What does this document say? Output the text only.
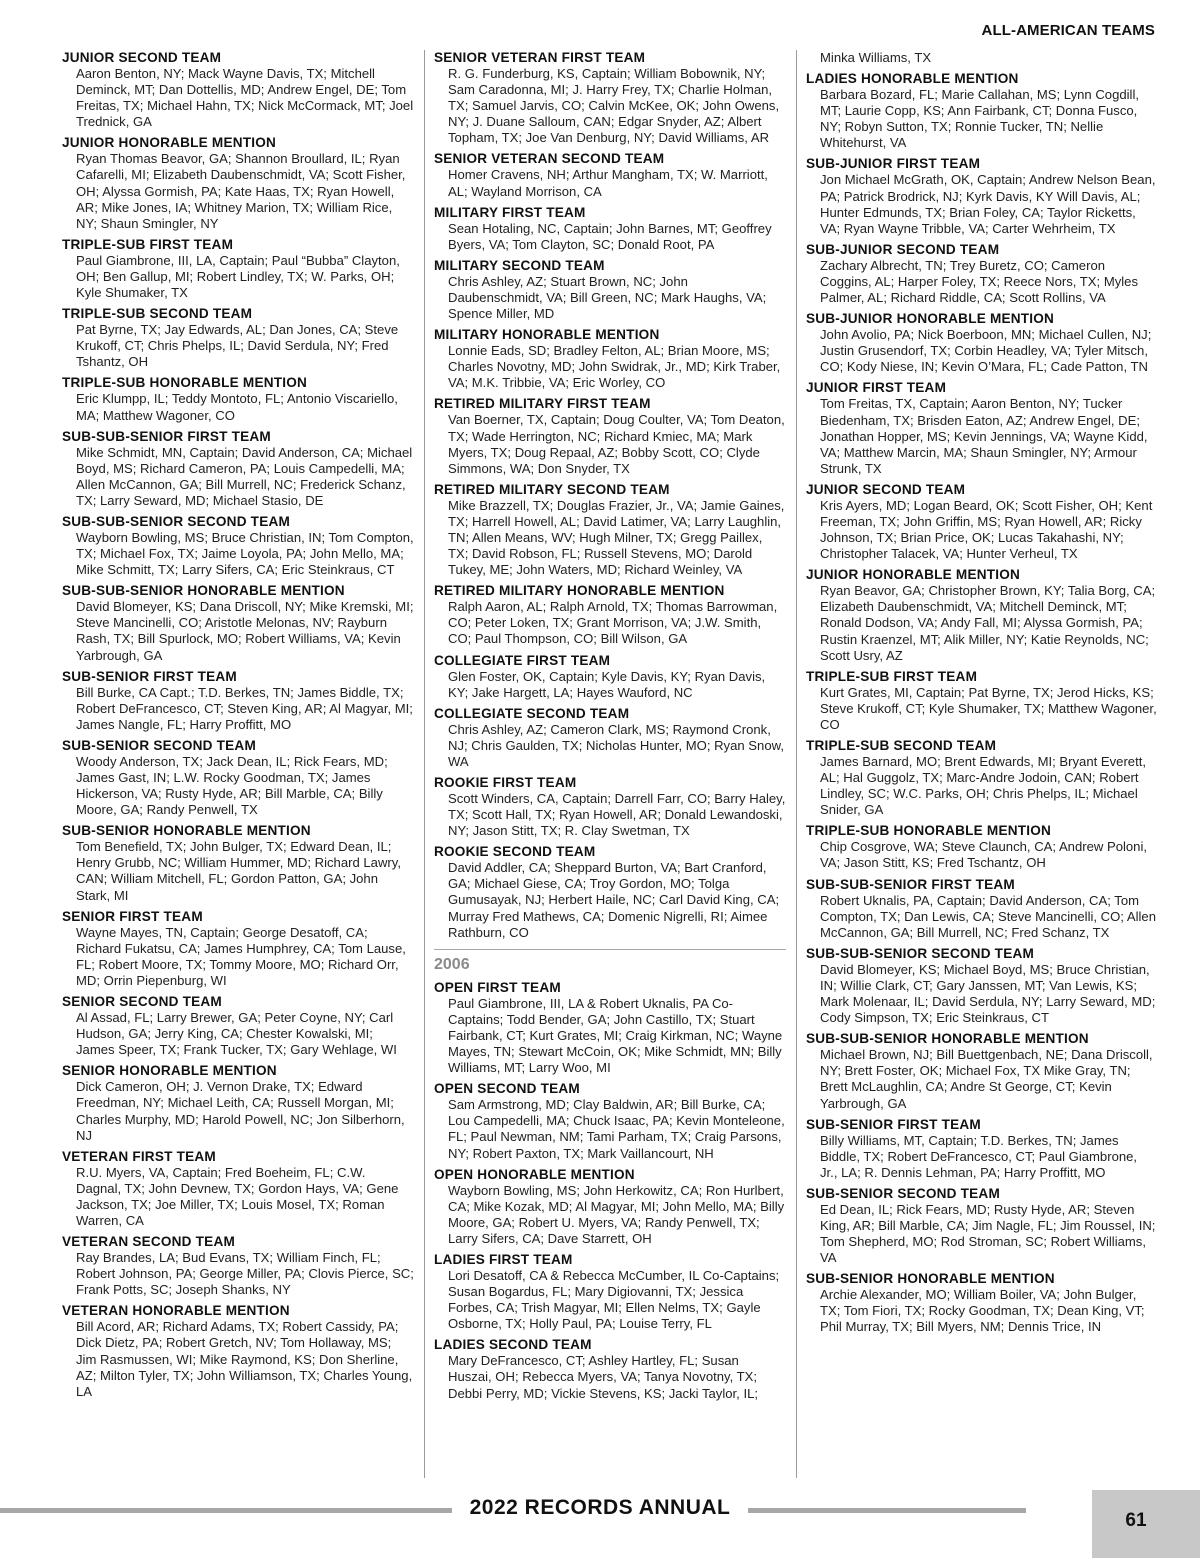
ALL-AMERICAN TEAMS
JUNIOR SECOND TEAM
Aaron Benton, NY; Mack Wayne Davis, TX; Mitchell Deminck, MT; Dan Dottellis, MD; Andrew Engel, DE; Tom Freitas, TX; Michael Hahn, TX; Nick McCormack, MT; Joel Trednick, GA
JUNIOR HONORABLE MENTION
Ryan Thomas Beavor, GA; Shannon Broullard, IL; Ryan Cafarelli, MI; Elizabeth Daubenschmidt, VA; Scott Fisher, OH; Alyssa Gormish, PA; Kate Haas, TX; Ryan Howell, AR; Mike Jones, IA; Whitney Marion, TX; William Rice, NY; Shaun Smingler, NY
TRIPLE-SUB FIRST TEAM
Paul Giambrone, III, LA, Captain; Paul “Bubba” Clayton, OH; Ben Gallup, MI; Robert Lindley, TX; W. Parks, OH; Kyle Shumaker, TX
TRIPLE-SUB SECOND TEAM
Pat Byrne, TX; Jay Edwards, AL; Dan Jones, CA; Steve Krukoff, CT; Chris Phelps, IL; David Serdula, NY; Fred Tshantz, OH
TRIPLE-SUB HONORABLE MENTION
Eric Klumpp, IL; Teddy Montoto, FL; Antonio Viscariello, MA; Matthew Wagoner, CO
SUB-SUB-SENIOR FIRST TEAM
Mike Schmidt, MN, Captain; David Anderson, CA; Michael Boyd, MS; Richard Cameron, PA; Louis Campedelli, MA; Allen McCannon, GA; Bill Murrell, NC; Frederick Schanz, TX; Larry Seward, MD; Michael Stasio, DE
SUB-SUB-SENIOR SECOND TEAM
Wayborn Bowling, MS; Bruce Christian, IN; Tom Compton, TX; Michael Fox, TX; Jaime Loyola, PA; John Mello, MA; Mike Schmitt, TX; Larry Sifers, CA; Eric Steinkraus, CT
SUB-SUB-SENIOR HONORABLE MENTION
David Blomeyer, KS; Dana Driscoll, NY; Mike Kremski, MI; Steve Mancinelli, CO; Aristotle Melonas, NV; Rayburn Rash, TX; Bill Spurlock, MO; Robert Williams, VA; Kevin Yarbrough, GA
SUB-SENIOR FIRST TEAM
Bill Burke, CA Capt.; T.D. Berkes, TN; James Biddle, TX; Robert DeFrancesco, CT; Steven King, AR; Al Magyar, MI; James Nangle, FL; Harry Proffitt, MO
SUB-SENIOR SECOND TEAM
Woody Anderson, TX; Jack Dean, IL; Rick Fears, MD; James Gast, IN; L.W. Rocky Goodman, TX; James Hickerson, VA; Rusty Hyde, AR; Bill Marble, CA; Billy Moore, GA; Randy Penwell, TX
SUB-SENIOR HONORABLE MENTION
Tom Benefield, TX; John Bulger, TX; Edward Dean, IL; Henry Grubb, NC; William Hummer, MD; Richard Lawry, CAN; William Mitchell, FL; Gordon Patton, GA; John Stark, MI
SENIOR FIRST TEAM
Wayne Mayes, TN, Captain; George Desatoff, CA; Richard Fukatsu, CA; James Humphrey, CA; Tom Lause, FL; Robert Moore, TX; Tommy Moore, MO; Richard Orr, MD; Orrin Piepenburg, WI
SENIOR SECOND TEAM
Al Assad, FL; Larry Brewer, GA; Peter Coyne, NY; Carl Hudson, GA; Jerry King, CA; Chester Kowalski, MI; James Speer, TX; Frank Tucker, TX; Gary Wehlage, WI
SENIOR HONORABLE MENTION
Dick Cameron, OH; J. Vernon Drake, TX; Edward Freedman, NY; Michael Leith, CA; Russell Morgan, MI; Charles Murphy, MD; Harold Powell, NC; Jon Silberhorn, NJ
VETERAN FIRST TEAM
R.U. Myers, VA, Captain; Fred Boeheim, FL; C.W. Dagnal, TX; John Devnew, TX; Gordon Hays, VA; Gene Jackson, TX; Joe Miller, TX; Louis Mosel, TX; Roman Warren, CA
VETERAN SECOND TEAM
Ray Brandes, LA; Bud Evans, TX; William Finch, FL; Robert Johnson, PA; George Miller, PA; Clovis Pierce, SC; Frank Potts, SC; Joseph Shanks, NY
VETERAN HONORABLE MENTION
Bill Acord, AR; Richard Adams, TX; Robert Cassidy, PA; Dick Dietz, PA; Robert Gretch, NV; Tom Hollaway, MS; Jim Rasmussen, WI; Mike Raymond, KS; Don Sherline, AZ; Milton Tyler, TX; John Williamson, TX; Charles Young, LA
SENIOR VETERAN FIRST TEAM
R. G. Funderburg, KS, Captain; William Bobownik, NY; Sam Caradonna, MI; J. Harry Frey, TX; Charlie Holman, TX; Samuel Jarvis, CO; Calvin McKee, OK; John Owens, NY; J. Duane Salloum, CAN; Edgar Snyder, AZ; Albert Topham, TX; Joe Van Denburg, NY; David Williams, AR
SENIOR VETERAN SECOND TEAM
Homer Cravens, NH; Arthur Mangham, TX; W. Marriott, AL; Wayland Morrison, CA
MILITARY FIRST TEAM
Sean Hotaling, NC, Captain; John Barnes, MT; Geoffrey Byers, VA; Tom Clayton, SC; Donald Root, PA
MILITARY SECOND TEAM
Chris Ashley, AZ; Stuart Brown, NC; John Daubenschmidt, VA; Bill Green, NC; Mark Haughs, VA; Spence Miller, MD
MILITARY HONORABLE MENTION
Lonnie Eads, SD; Bradley Felton, AL; Brian Moore, MS; Charles Novotny, MD; John Swidrak, Jr., MD; Kirk Traber, VA; M.K. Tribbie, VA; Eric Worley, CO
RETIRED MILITARY FIRST TEAM
Van Boerner, TX, Captain; Doug Coulter, VA; Tom Deaton, TX; Wade Herrington, NC; Richard Kmiec, MA; Mark Myers, TX; Doug Repaal, AZ; Bobby Scott, CO; Clyde Simmons, WA; Don Snyder, TX
RETIRED MILITARY SECOND TEAM
Mike Brazzell, TX; Douglas Frazier, Jr., VA; Jamie Gaines, TX; Harrell Howell, AL; David Latimer, VA; Larry Laughlin, TN; Allen Means, WV; Hugh Milner, TX; Gregg Paillex, TX; David Robson, FL; Russell Stevens, MO; Darold Tukey, ME; John Waters, MD; Richard Weinley, VA
RETIRED MILITARY HONORABLE MENTION
Ralph Aaron, AL; Ralph Arnold, TX; Thomas Barrowman, CO; Peter Loken, TX; Grant Morrison, VA; J.W. Smith, CO; Paul Thompson, CO; Bill Wilson, GA
COLLEGIATE FIRST TEAM
Glen Foster, OK, Captain; Kyle Davis, KY; Ryan Davis, KY; Jake Hargett, LA; Hayes Wauford, NC
COLLEGIATE SECOND TEAM
Chris Ashley, AZ; Cameron Clark, MS; Raymond Cronk, NJ; Chris Gaulden, TX; Nicholas Hunter, MO; Ryan Snow, WA
ROOKIE FIRST TEAM
Scott Winders, CA, Captain; Darrell Farr, CO; Barry Haley, TX; Scott Hall, TX; Ryan Howell, AR; Donald Lewandoski, NY; Jason Stitt, TX; R. Clay Swetman, TX
ROOKIE SECOND TEAM
David Addler, CA; Sheppard Burton, VA; Bart Cranford, GA; Michael Giese, CA; Troy Gordon, MO; Tolga Gumusayak, NJ; Herbert Haile, NC; Carl David King, CA; Murray Fred Mathews, CA; Domenic Nigrelli, RI; Aimee Rathburn, CO
2006
OPEN FIRST TEAM
Paul Giambrone, III, LA & Robert Uknalis, PA Co-Captains; Todd Bender, GA; John Castillo, TX; Stuart Fairbank, CT; Kurt Grates, MI; Craig Kirkman, NC; Wayne Mayes, TN; Stewart McCoin, OK; Mike Schmidt, MN; Billy Williams, MT; Larry Woo, MI
OPEN SECOND TEAM
Sam Armstrong, MD; Clay Baldwin, AR; Bill Burke, CA; Lou Campedelli, MA; Chuck Isaac, PA; Kevin Monteleone, FL; Paul Newman, NM; Tami Parham, TX; Craig Parsons, NY; Robert Paxton, TX; Mark Vaillancourt, NH
OPEN HONORABLE MENTION
Wayborn Bowling, MS; John Herkowitz, CA; Ron Hurlbert, CA; Mike Kozak, MD; Al Magyar, MI; John Mello, MA; Billy Moore, GA; Robert U. Myers, VA; Randy Penwell, TX; Larry Sifers, CA; Dave Starrett, OH
LADIES FIRST TEAM
Lori Desatoff, CA & Rebecca McCumber, IL Co-Captains; Susan Bogardus, FL; Mary Digiovanni, TX; Jessica Forbes, CA; Trish Magyar, MI; Ellen Nelms, TX; Gayle Osborne, TX; Holly Paul, PA; Louise Terry, FL
LADIES SECOND TEAM
Mary DeFrancesco, CT; Ashley Hartley, FL; Susan Huszai, OH; Rebecca Myers, VA; Tanya Novotny, TX; Debbi Perry, MD; Vickie Stevens, KS; Jacki Taylor, IL;
Minka Williams, TX
LADIES HONORABLE MENTION
Barbara Bozard, FL; Marie Callahan, MS; Lynn Cogdill, MT; Laurie Copp, KS; Ann Fairbank, CT; Donna Fusco, NY; Robyn Sutton, TX; Ronnie Tucker, TN; Nellie Whitehurst, VA
SUB-JUNIOR FIRST TEAM
Jon Michael McGrath, OK, Captain; Andrew Nelson Bean, PA; Patrick Brodrick, NJ; Kyrk Davis, KY Will Davis, AL; Hunter Edmunds, TX; Brian Foley, CA; Taylor Ricketts, VA; Ryan Wayne Tribble, VA; Carter Wehrheim, TX
SUB-JUNIOR SECOND TEAM
Zachary Albrecht, TN; Trey Buretz, CO; Cameron Coggins, AL; Harper Foley, TX; Reece Nors, TX; Myles Palmer, AL; Richard Riddle, CA; Scott Rollins, VA
SUB-JUNIOR HONORABLE MENTION
John Avolio, PA; Nick Boerboon, MN; Michael Cullen, NJ; Justin Grusendorf, TX; Corbin Headley, VA; Tyler Mitsch, CO; Kody Niese, IN; Kevin O’Mara, FL; Cade Patton, TN
JUNIOR FIRST TEAM
Tom Freitas, TX, Captain; Aaron Benton, NY; Tucker Biedenham, TX; Brisden Eaton, AZ; Andrew Engel, DE; Jonathan Hopper, MS; Kevin Jennings, VA; Wayne Kidd, VA; Matthew Marcin, MA; Shaun Smingler, NY; Armour Strunk, TX
JUNIOR SECOND TEAM
Kris Ayers, MD; Logan Beard, OK; Scott Fisher, OH; Kent Freeman, TX; John Griffin, MS; Ryan Howell, AR; Ricky Johnson, TX; Brian Price, OK; Lucas Takahashi, NY; Christopher Talacek, VA; Hunter Verheul, TX
JUNIOR HONORABLE MENTION
Ryan Beavor, GA; Christopher Brown, KY; Talia Borg, CA; Elizabeth Daubenschmidt, VA; Mitchell Deminck, MT; Ronald Dodson, VA; Andy Fall, MI; Alyssa Gormish, PA; Rustin Kraenzel, MT; Alik Miller, NY; Katie Reynolds, NC; Scott Usry, AZ
TRIPLE-SUB FIRST TEAM
Kurt Grates, MI, Captain; Pat Byrne, TX; Jerod Hicks, KS; Steve Krukoff, CT; Kyle Shumaker, TX; Matthew Wagoner, CO
TRIPLE-SUB SECOND TEAM
James Barnard, MO; Brent Edwards, MI; Bryant Everett, AL; Hal Guggolz, TX; Marc-Andre Jodoin, CAN; Robert Lindley, SC; W.C. Parks, OH; Chris Phelps, IL; Michael Snider, GA
TRIPLE-SUB HONORABLE MENTION
Chip Cosgrove, WA; Steve Claunch, CA; Andrew Poloni, VA; Jason Stitt, KS; Fred Tschantz, OH
SUB-SUB-SENIOR FIRST TEAM
Robert Uknalis, PA, Captain; David Anderson, CA; Tom Compton, TX; Dan Lewis, CA; Steve Mancinelli, CO; Allen McCannon, GA; Bill Murrell, NC; Fred Schanz, TX
SUB-SUB-SENIOR SECOND TEAM
David Blomeyer, KS; Michael Boyd, MS; Bruce Christian, IN; Willie Clark, CT; Gary Janssen, MT; Van Lewis, KS; Mark Molenaar, IL; David Serdula, NY; Larry Seward, MD; Cody Simpson, TX; Eric Steinkraus, CT
SUB-SUB-SENIOR HONORABLE MENTION
Michael Brown, NJ; Bill Buettgenbach, NE; Dana Driscoll, NY; Brett Foster, OK; Michael Fox, TX Mike Gray, TN; Brett McLaughlin, CA; Andre St George, CT; Kevin Yarbrough, GA
SUB-SENIOR FIRST TEAM
Billy Williams, MT, Captain; T.D. Berkes, TN; James Biddle, TX; Robert DeFrancesco, CT; Paul Giambrone, Jr., LA; R. Dennis Lehman, PA; Harry Proffitt, MO
SUB-SENIOR SECOND TEAM
Ed Dean, IL; Rick Fears, MD; Rusty Hyde, AR; Steven King, AR; Bill Marble, CA; Jim Nagle, FL; Jim Roussel, IN; Tom Shepherd, MO; Rod Stroman, SC; Robert Williams, VA
SUB-SENIOR HONORABLE MENTION
Archie Alexander, MO; William Boiler, VA; John Bulger, TX; Tom Fiori, TX; Rocky Goodman, TX; Dean King, VT; Phil Murray, TX; Bill Myers, NM; Dennis Trice, IN
2022 RECORDS ANNUAL
61
